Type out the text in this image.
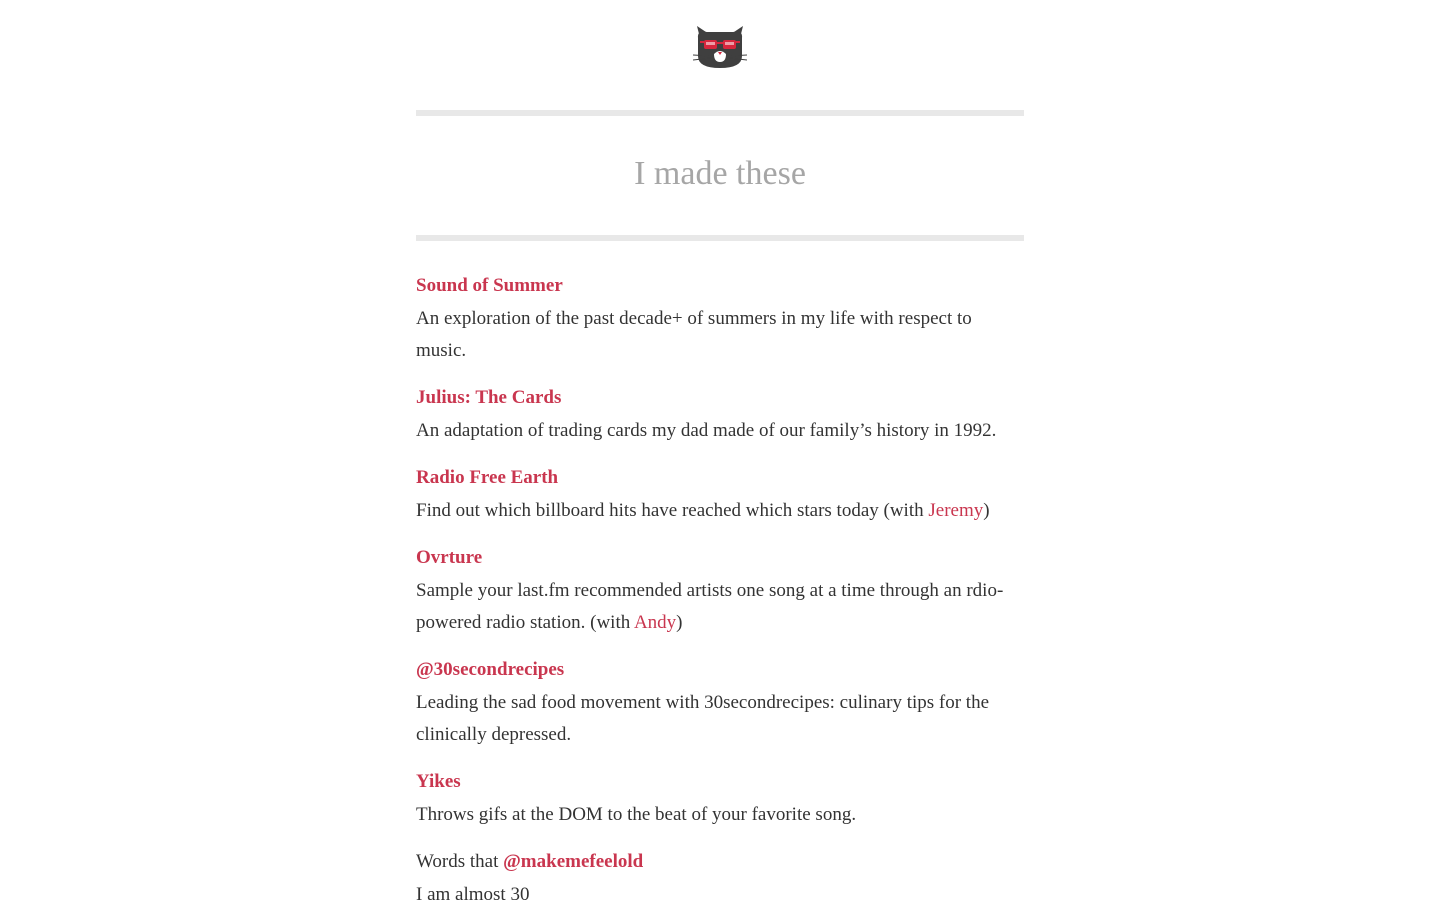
I made these
Sound of Summer

An exploration of the past decade+ of summers in my life with respect to music.

Julius: The Cards

An adaptation of trading cards my dad made of our family’s history in 1992.

Radio Free Earth

Find out which billboard hits have reached which stars today (with Jeremy)

Ovrture

Sample your last.fm recommended artists one song at a time through an rdio-powered radio station. (with Andy)

@30secondrecipes

Leading the sad food movement with 30secondrecipes: culinary tips for the clinically depressed.

Yikes

Throws gifs at the DOM to the beat of your favorite song.

Words that @makemefeelold

I am almost 30
